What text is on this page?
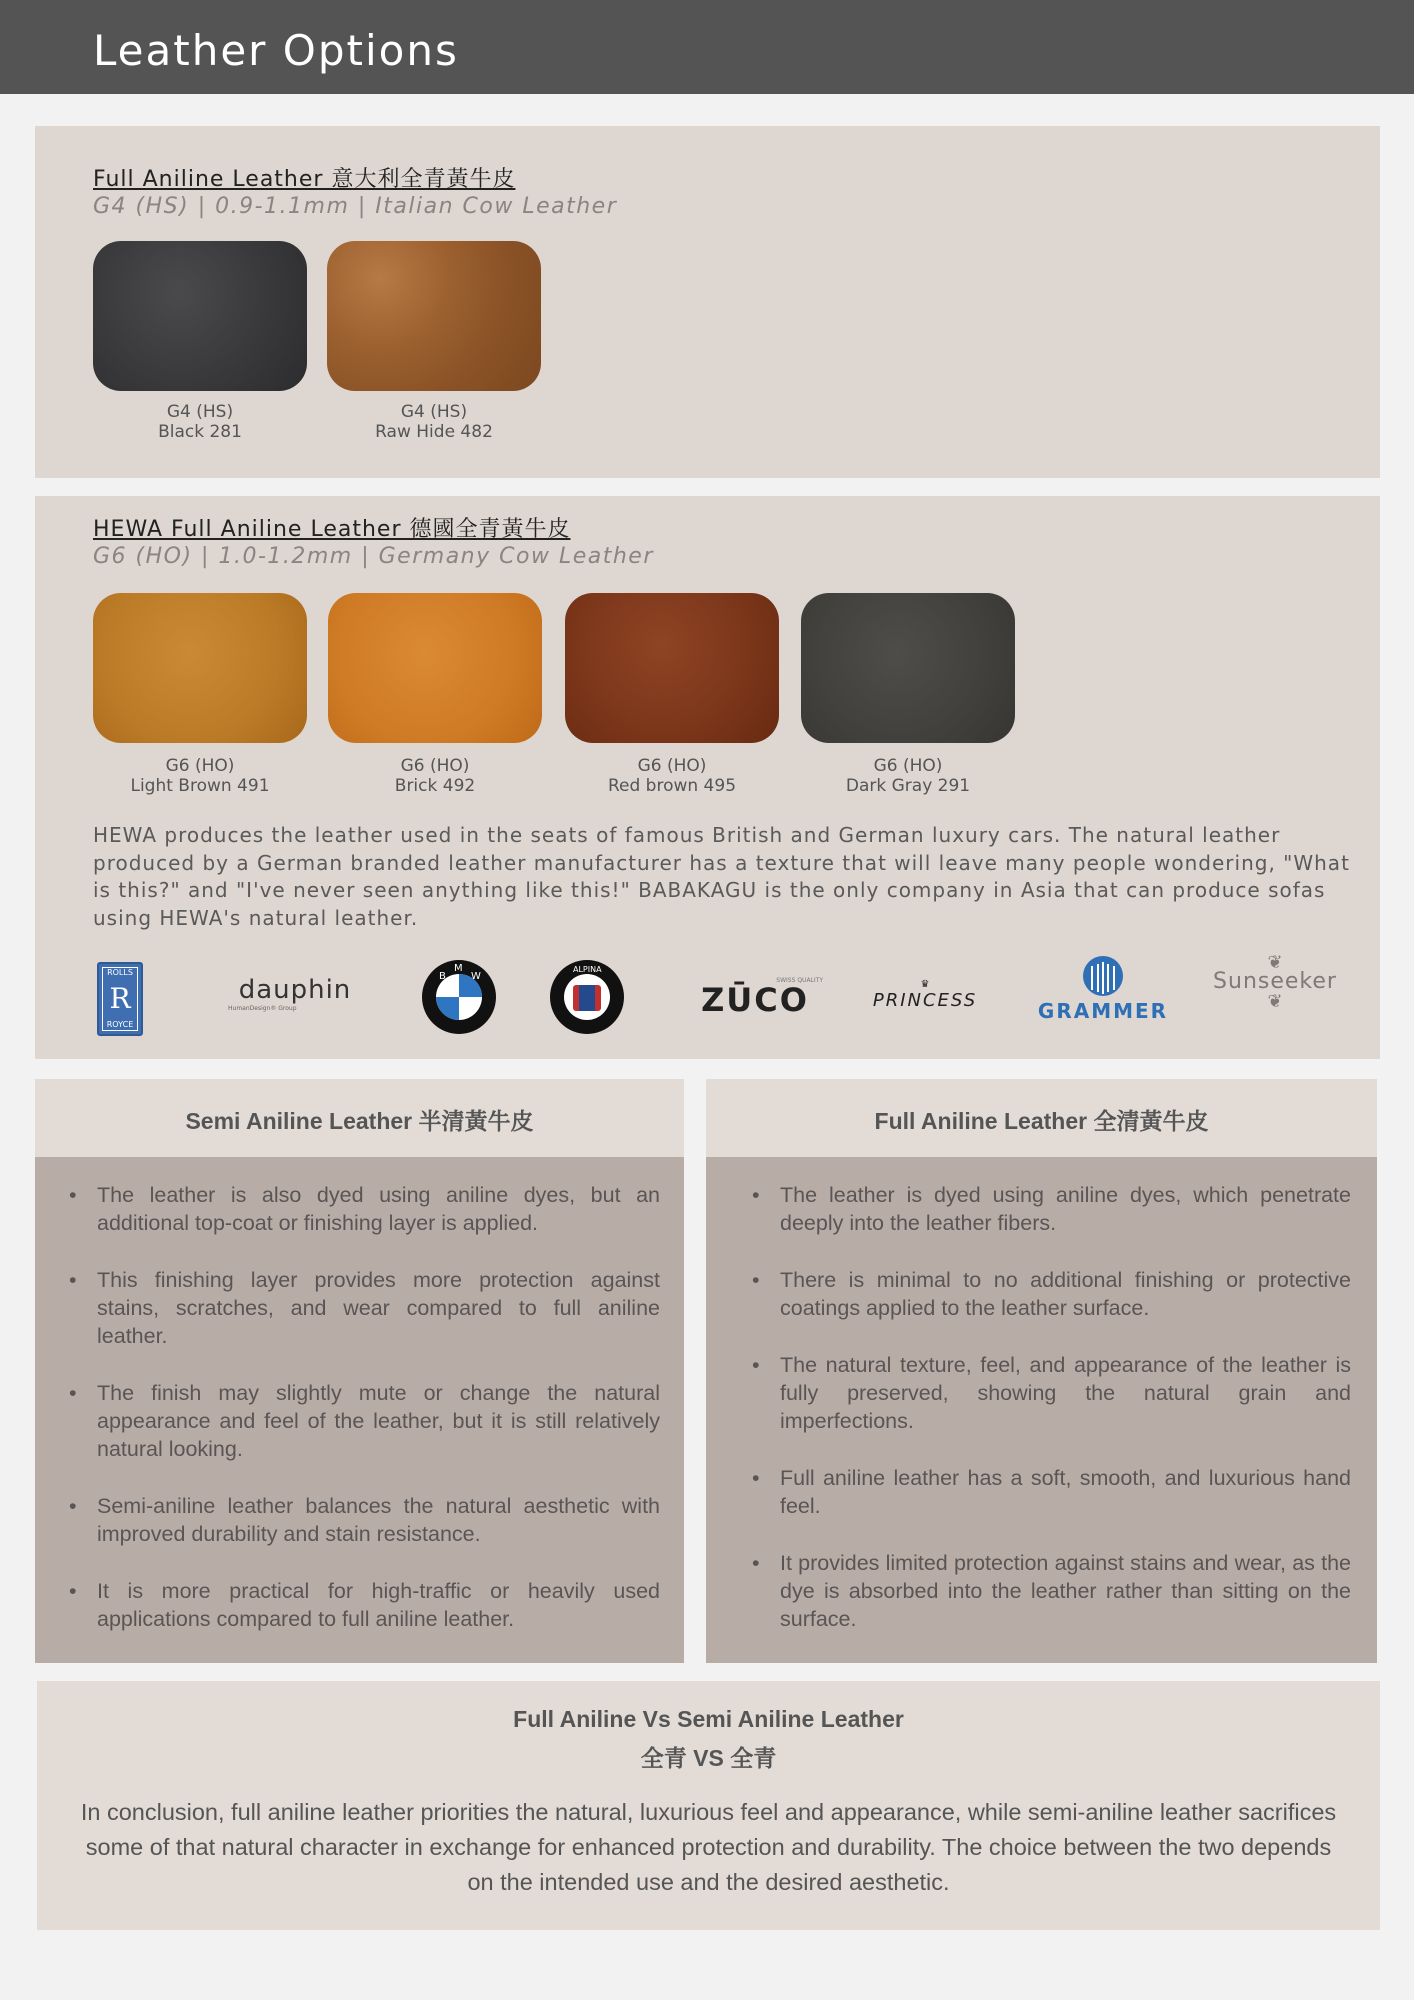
Leather Options
Full Aniline Leather 意大利全青黃牛皮
G4 (HS) | 0.9-1.1mm | Italian Cow Leather
G4 (HS)
Black 281
G4 (HS)
Raw Hide 482
HEWA Full Aniline Leather 德國全青黃牛皮
G6 (HO) | 1.0-1.2mm | Germany Cow Leather
G6 (HO)
Light Brown 491
G6 (HO)
Brick 492
G6 (HO)
Red brown 495
G6 (HO)
Dark Gray 291
HEWA produces the leather used in the seats of famous British and German luxury cars. The natural leather produced by a German branded leather manufacturer has a texture that will leave many people wondering, "What is this?" and "I've never seen anything like this!" BABAKAGU is the only company in Asia that can produce sofas using HEWA's natural leather.
ROLLS
R
ROYCE
dauphin
HumanDesign® Group
B
M
W
ALPINA
SWISS QUALITY
ZŪCO	♛
PRINCESS	GRAMMER
❦
Sunseeker
❦
Semi Aniline Leather 半清黃牛皮
• The leather is also dyed using aniline dyes, but an additional top-coat or finishing layer is applied.
• This finishing layer provides more protection against stains, scratches, and wear compared to full aniline leather.
• The finish may slightly mute or change the natural appearance and feel of the leather, but it is still relatively natural looking.
• Semi-aniline leather balances the natural aesthetic with improved durability and stain resistance.
• It is more practical for high-traffic or heavily used applications compared to full aniline leather.
Full Aniline Leather 全清黃牛皮
• The leather is dyed using aniline dyes, which penetrate deeply into the leather fibers.
• There is minimal to no additional finishing or protective coatings applied to the leather surface.
• The natural texture, feel, and appearance of the leather is fully preserved, showing the natural grain and imperfections.
• Full aniline leather has a soft, smooth, and luxurious hand feel.
• It provides limited protection against stains and wear, as the dye is absorbed into the leather rather than sitting on the surface.
Full Aniline Vs Semi Aniline Leather
全青 VS 全青
In conclusion, full aniline leather priorities the natural, luxurious feel and appearance, while semi-aniline leather sacrifices some of that natural character in exchange for enhanced protection and durability. The choice between the two depends on the intended use and the desired aesthetic.
